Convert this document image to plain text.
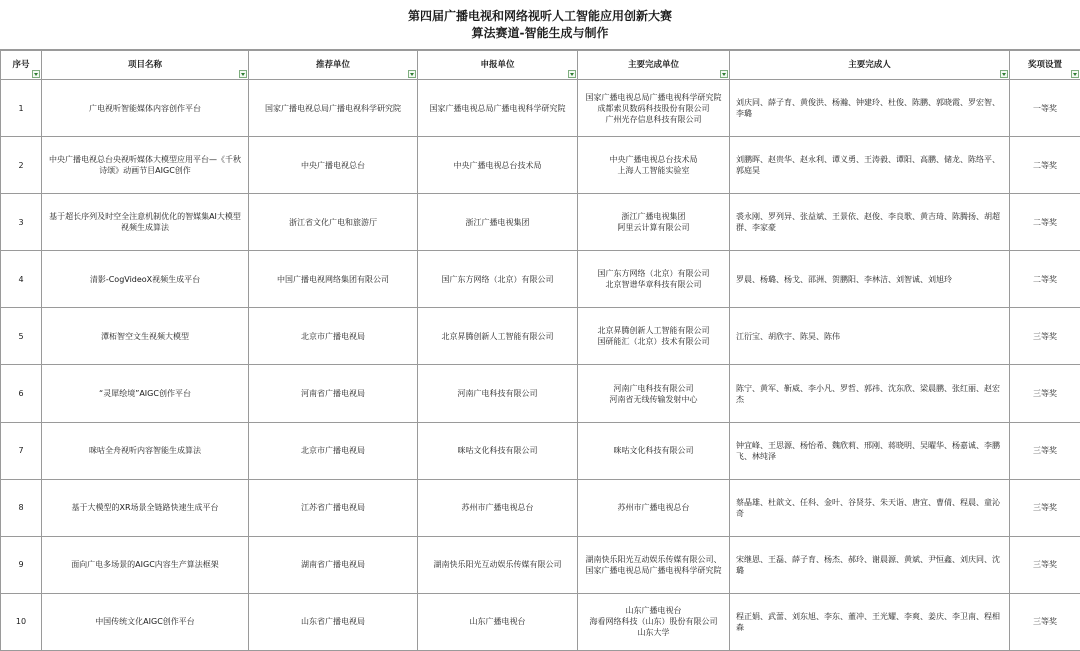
第四届广播电视和网络视听人工智能应用创新大赛
算法赛道-智能生成与制作
序号	项目名称	推荐单位	申报单位	主要完成单位	主要完成人	奖项设置

1	广电视听智能媒体内容创作平台	国家广播电视总局广播电视科学研究院	国家广播电视总局广播电视科学研究院	国家广播电视总局广播电视科学研究院
成都索贝数码科技股份有限公司
广州光存信息科技有限公司	刘庆同、薛子育、黄俊洪、杨瀚、钟建玲、杜俊、陈鹏、郭晓霞、罗宏智、李璐	一等奖
2	中央广播电视总台央视听媒体大模型应用平台—《千秋诗颂》动画节目AIGC创作	中央广播电视总台	中央广播电视总台技术局	中央广播电视总台技术局
上海人工智能实验室	刘鹏晖、赵贵华、赵永利、谭义勇、王涛毅、谭阳、高鹏、储龙、陈络平、郭庭昊	二等奖
3	基于超长序列及时空全注意机制优化的智媒集AI大模型视频生成算法	浙江省文化广电和旅游厅	浙江广播电视集团	浙江广播电视集团
阿里云计算有限公司	裘永刚、罗列异、张益斌、王景依、赵俊、李良歌、黄吉琦、陈腾扬、胡超群、李家豪	二等奖
4	清影-CogVideoX视频生成平台	中国广播电视网络集团有限公司	国广东方网络（北京）有限公司	国广东方网络（北京）有限公司
北京智谱华章科技有限公司	罗晨、杨璐、杨戈、邵洲、贺鹏阳、李林洁、刘智诚、刘旭玲	二等奖
5	潭柘智空文生视频大模型	北京市广播电视局	北京昇腾创新人工智能有限公司	北京昇腾创新人工智能有限公司
国研能汇（北京）技术有限公司	江衍宝、胡欣宇、陈昊、陈伟	三等奖
6	“灵犀绘境”AIGC创作平台	河南省广播电视局	河南广电科技有限公司	河南广电科技有限公司
河南省无线传输发射中心	陈宁、黄军、靳威、李小凡、罗哲、郭祎、沈东欣、梁晨鹏、张红丽、赵宏杰	三等奖
7	咪咕全舟视听内容智能生成算法	北京市广播电视局	咪咕文化科技有限公司	咪咕文化科技有限公司	钟宜峰、王思源、杨怡希、魏欣莉、邢刚、蒋晓明、吴曜华、杨嘉诚、李鹏飞、林纯泽	三等奖
8	基于大模型的XR场景全链路快速生成平台	江苏省广播电视局	苏州市广播电视总台	苏州市广播电视总台	蔡晶雄、杜歆文、任科、金叶、谷贤芬、朱天诣、唐宜、曹倩、程晨、童沁奇	三等奖
9	面向广电多场景的AIGC内容生产算法框架	湖南省广播电视局	湖南快乐阳光互动娱乐传媒有限公司	湖南快乐阳光互动娱乐传媒有限公司、
国家广播电视总局广播电视科学研究院	宋继恩、王磊、薛子育、杨杰、郝玲、谢晨源、黄斌、尹恒鑫、刘庆同、沈璐	三等奖
10	中国传统文化AIGC创作平台	山东省广播电视局	山东广播电视台	山东广播电视台
海看网络科技（山东）股份有限公司
山东大学	程正娟、武蕾、刘东旭、李东、董冲、王光耀、李爽、姜庆、李卫南、程相森	三等奖
